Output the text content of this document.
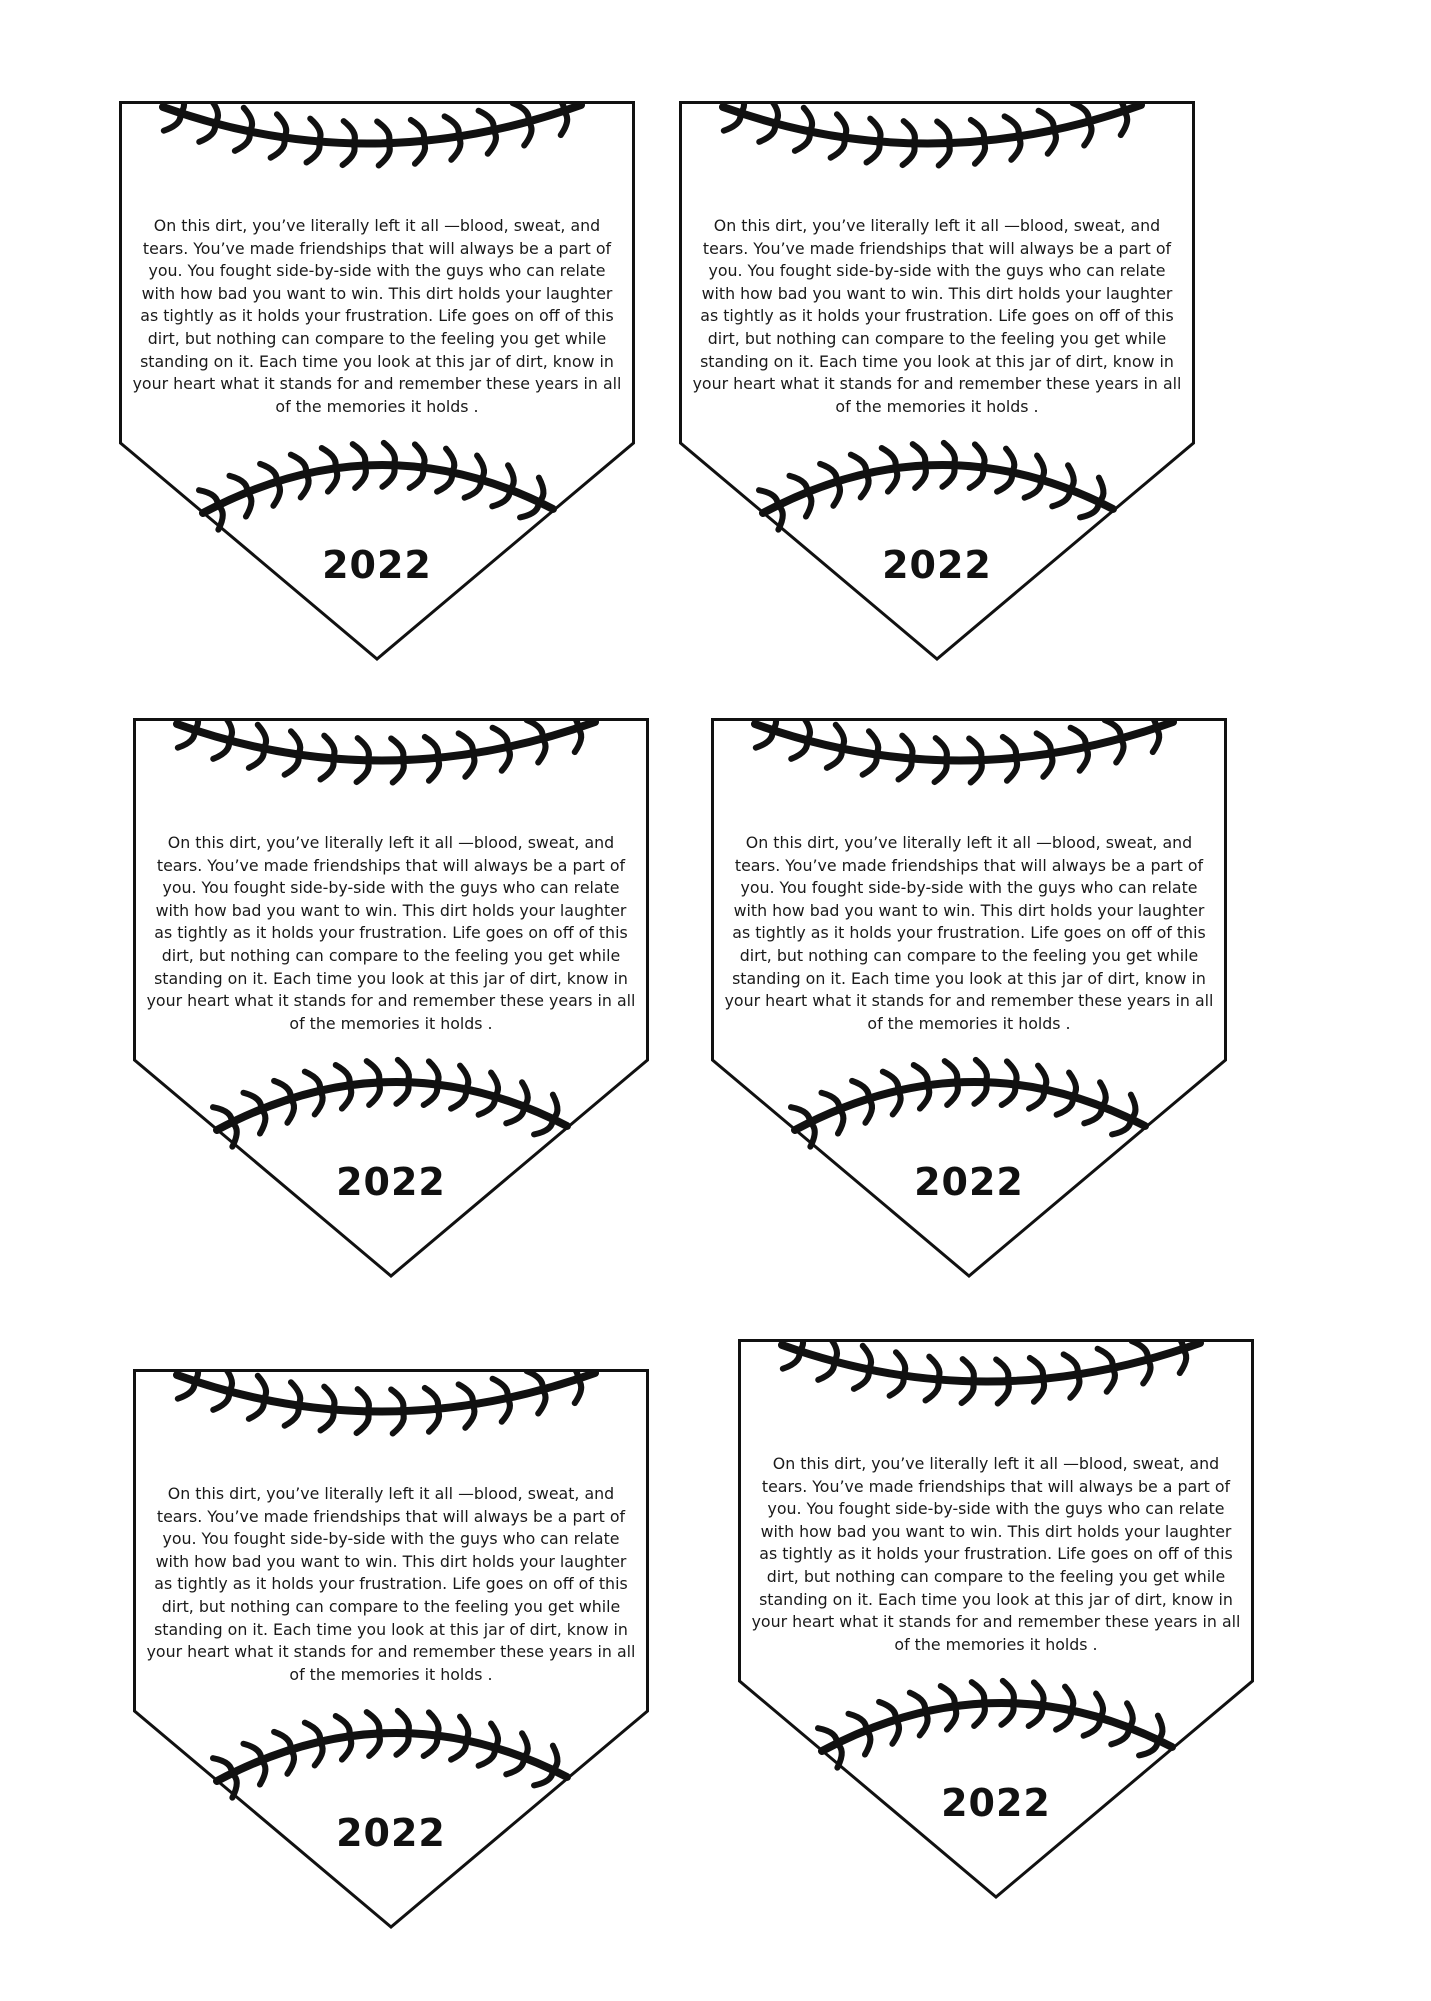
On this dirt, you’ve literally left it all —blood, sweat, and tears. You’ve made friendships that will always be a part of you. You fought side-by-side with the guys who can relate with how bad you want to win. This dirt holds your laughter as tightly as it holds your frustration. Life goes on off of this dirt, but nothing can compare to the feeling you get while standing on it. Each time you look at this jar of dirt, know in your heart what it stands for and remember these years in all of the memories it holds .
2022
On this dirt, you’ve literally left it all —blood, sweat, and tears. You’ve made friendships that will always be a part of you. You fought side-by-side with the guys who can relate with how bad you want to win. This dirt holds your laughter as tightly as it holds your frustration. Life goes on off of this dirt, but nothing can compare to the feeling you get while standing on it. Each time you look at this jar of dirt, know in your heart what it stands for and remember these years in all of the memories it holds .
2022
On this dirt, you’ve literally left it all —blood, sweat, and tears. You’ve made friendships that will always be a part of you. You fought side-by-side with the guys who can relate with how bad you want to win. This dirt holds your laughter as tightly as it holds your frustration. Life goes on off of this dirt, but nothing can compare to the feeling you get while standing on it. Each time you look at this jar of dirt, know in your heart what it stands for and remember these years in all of the memories it holds .
2022
On this dirt, you’ve literally left it all —blood, sweat, and tears. You’ve made friendships that will always be a part of you. You fought side-by-side with the guys who can relate with how bad you want to win. This dirt holds your laughter as tightly as it holds your frustration. Life goes on off of this dirt, but nothing can compare to the feeling you get while standing on it. Each time you look at this jar of dirt, know in your heart what it stands for and remember these years in all of the memories it holds .
2022
On this dirt, you’ve literally left it all —blood, sweat, and tears. You’ve made friendships that will always be a part of you. You fought side-by-side with the guys who can relate with how bad you want to win. This dirt holds your laughter as tightly as it holds your frustration. Life goes on off of this dirt, but nothing can compare to the feeling you get while standing on it. Each time you look at this jar of dirt, know in your heart what it stands for and remember these years in all of the memories it holds .
2022
On this dirt, you’ve literally left it all —blood, sweat, and tears. You’ve made friendships that will always be a part of you. You fought side-by-side with the guys who can relate with how bad you want to win. This dirt holds your laughter as tightly as it holds your frustration. Life goes on off of this dirt, but nothing can compare to the feeling you get while standing on it. Each time you look at this jar of dirt, know in your heart what it stands for and remember these years in all of the memories it holds .
2022
